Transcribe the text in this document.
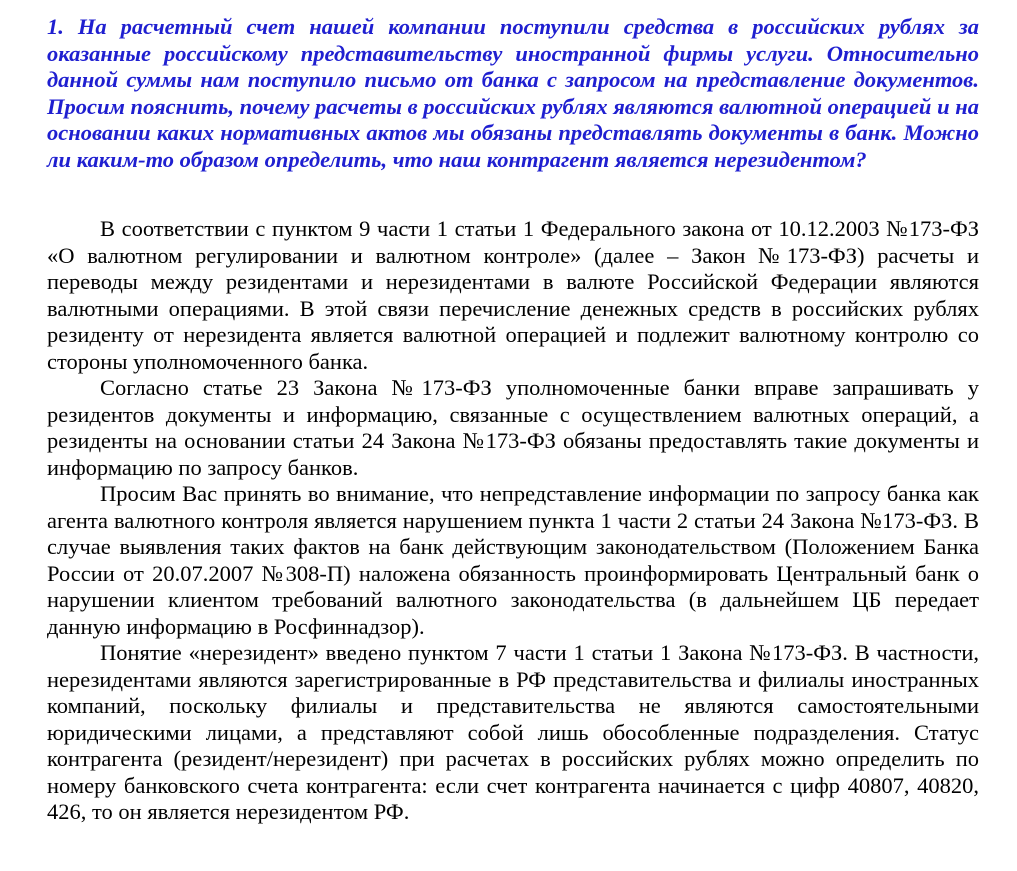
1. На расчетный счет нашей компании поступили средства в российских рублях за оказанные российскому представительству иностранной фирмы услуги. Относительно данной суммы нам поступило письмо от банка с запросом на представление документов. Просим пояснить, почему расчеты в российских рублях являются валютной операцией и на основании каких нормативных актов мы обязаны представлять документы в банк. Можно ли каким-то образом определить, что наш контрагент является нерезидентом?

В соответствии с пунктом 9 части 1 статьи 1 Федерального закона от 10.12.2003 №173-ФЗ «О валютном регулировании и валютном контроле» (далее – Закон №173-ФЗ) расчеты и переводы между резидентами и нерезидентами в валюте Российской Федерации являются валютными операциями. В этой связи перечисление денежных средств в российских рублях резиденту от нерезидента является валютной операцией и подлежит валютному контролю со стороны уполномоченного банка.

Согласно статье 23 Закона №173-ФЗ уполномоченные банки вправе запрашивать у резидентов документы и информацию, связанные с осуществлением валютных операций, а резиденты на основании статьи 24 Закона №173-ФЗ обязаны предоставлять такие документы и информацию по запросу банков.

Просим Вас принять во внимание, что непредставление информации по запросу банка как агента валютного контроля является нарушением пункта 1 части 2 статьи 24 Закона №173-ФЗ. В случае выявления таких фактов на банк действующим законодательством (Положением Банка России от 20.07.2007 №308-П) наложена обязанность проинформировать Центральный банк о нарушении клиентом требований валютного законодательства (в дальнейшем ЦБ передает данную информацию в Росфиннадзор).

Понятие «нерезидент» введено пунктом 7 части 1 статьи 1 Закона №173-ФЗ. В частности, нерезидентами являются зарегистрированные в РФ представительства и филиалы иностранных компаний, поскольку филиалы и представительства не являются самостоятельными юридическими лицами, а представляют собой лишь обособленные подразделения. Статус контрагента (резидент/нерезидент) при расчетах в российских рублях можно определить по номеру банковского счета контрагента: если счет контрагента начинается с цифр 40807, 40820, 426, то он является нерезидентом РФ.
